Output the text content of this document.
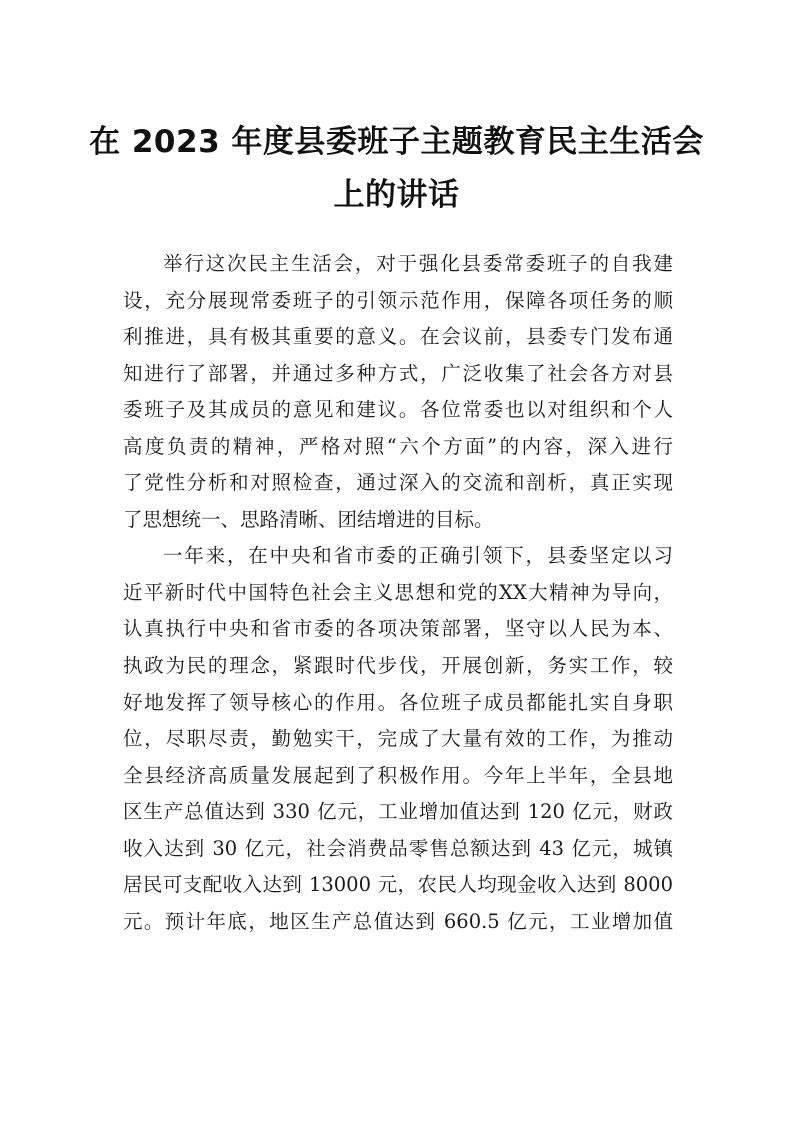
在 2023 年度县委班子主题教育民主生活会
上的讲话
举行这次民主生活会，对于强化县委常委班子的自我建
设，充分展现常委班子的引领示范作用，保障各项任务的顺
利推进，具有极其重要的意义。在会议前，县委专门发布通
知进行了部署，并通过多种方式，广泛收集了社会各方对县
委班子及其成员的意见和建议。各位常委也以对组织和个人
高度负责的精神，严格对照“六个方面”的内容，深入进行
了党性分析和对照检查，通过深入的交流和剖析，真正实现
了思想统一、思路清晰、团结增进的目标。
一年来，在中央和省市委的正确引领下，县委坚定以习
近平新时代中国特色社会主义思想和党的XX大精神为导向，
认真执行中央和省市委的各项决策部署，坚守以人民为本、
执政为民的理念，紧跟时代步伐，开展创新，务实工作，较
好地发挥了领导核心的作用。各位班子成员都能扎实自身职
位，尽职尽责，勤勉实干，完成了大量有效的工作，为推动
全县经济高质量发展起到了积极作用。今年上半年，全县地
区生产总值达到 330 亿元，工业增加值达到 120 亿元，财政
收入达到 30 亿元，社会消费品零售总额达到 43 亿元，城镇
居民可支配收入达到 13000 元，农民人均现金收入达到 8000
元。预计年底，地区生产总值达到 660.5 亿元，工业增加值
